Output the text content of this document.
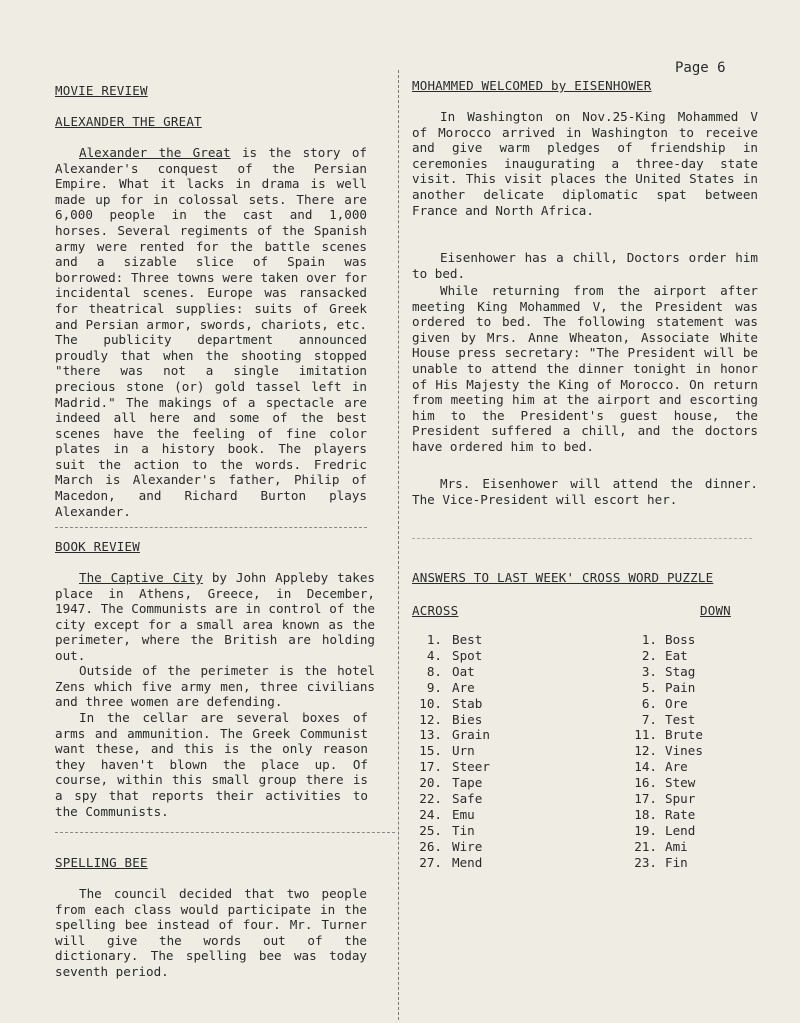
Page 6
MOVIE REVIEW
ALEXANDER THE GREAT
Alexander the Great is the story of Alexander's conquest of the Persian Empire. What it lacks in drama is well made up for in colossal sets. There are 6,000 people in the cast and 1,000 horses. Several regiments of the Spanish army were rented for the battle scenes and a sizable slice of Spain was borrowed: Three towns were taken over for incidental scenes. Europe was ransacked for theatrical supplies: suits of Greek and Persian armor, swords, chariots, etc. The publicity department announced proudly that when the shooting stopped "there was not a single imitation precious stone (or) gold tassel left in Madrid." The makings of a spectacle are indeed all here and some of the best scenes have the feeling of fine color plates in a history book. The players suit the action to the words. Fredric March is Alexander's father, Philip of Macedon, and Richard Burton plays Alexander.
BOOK REVIEW
The Captive City by John Appleby takes place in Athens, Greece, in December, 1947. The Communists are in control of the city except for a small area known as the perimeter, where the British are holding out.
Outside of the perimeter is the hotel Zens which five army men, three civilians and three women are defending.
In the cellar are several boxes of arms and ammunition. The Greek Communist want these, and this is the only reason they haven't blown the place up. Of course, within this small group there is a spy that reports their activities to the Communists.
SPELLING BEE
The council decided that two people from each class would participate in the spelling bee instead of four. Mr. Turner will give the words out of the dictionary. The spelling bee was today seventh period.
MOHAMMED WELCOMED by EISENHOWER
In Washington on Nov.25-King Mohammed V of Morocco arrived in Washington to receive and give warm pledges of friendship in ceremonies inaugurating a three-day state visit. This visit places the United States in another delicate diplomatic spat between France and North Africa.
Eisenhower has a chill, Doctors order him to bed.
While returning from the airport after meeting King Mohammed V, the President was ordered to bed. The following statement was given by Mrs. Anne Wheaton, Associate White House press secretary: "The President will be unable to attend the dinner tonight in honor of His Majesty the King of Morocco. On return from meeting him at the airport and escorting him to the President's guest house, the President suffered a chill, and the doctors have ordered him to bed.
Mrs. Eisenhower will attend the dinner. The Vice-President will escort her.
ANSWERS TO LAST WEEK' CROSS WORD PUZZLE
ACROSS	DOWN
1.	Best	1.	Boss
4.	Spot	2.	Eat
8.	Oat	3.	Stag
9.	Are	5.	Pain
10.	Stab	6.	Ore
12.	Bies	7.	Test
13.	Grain	11.	Brute
15.	Urn	12.	Vines
17.	Steer	14.	Are
20.	Tape	16.	Stew
22.	Safe	17.	Spur
24.	Emu	18.	Rate
25.	Tin	19.	Lend
26.	Wire	21.	Ami
27.	Mend	23.	Fin
